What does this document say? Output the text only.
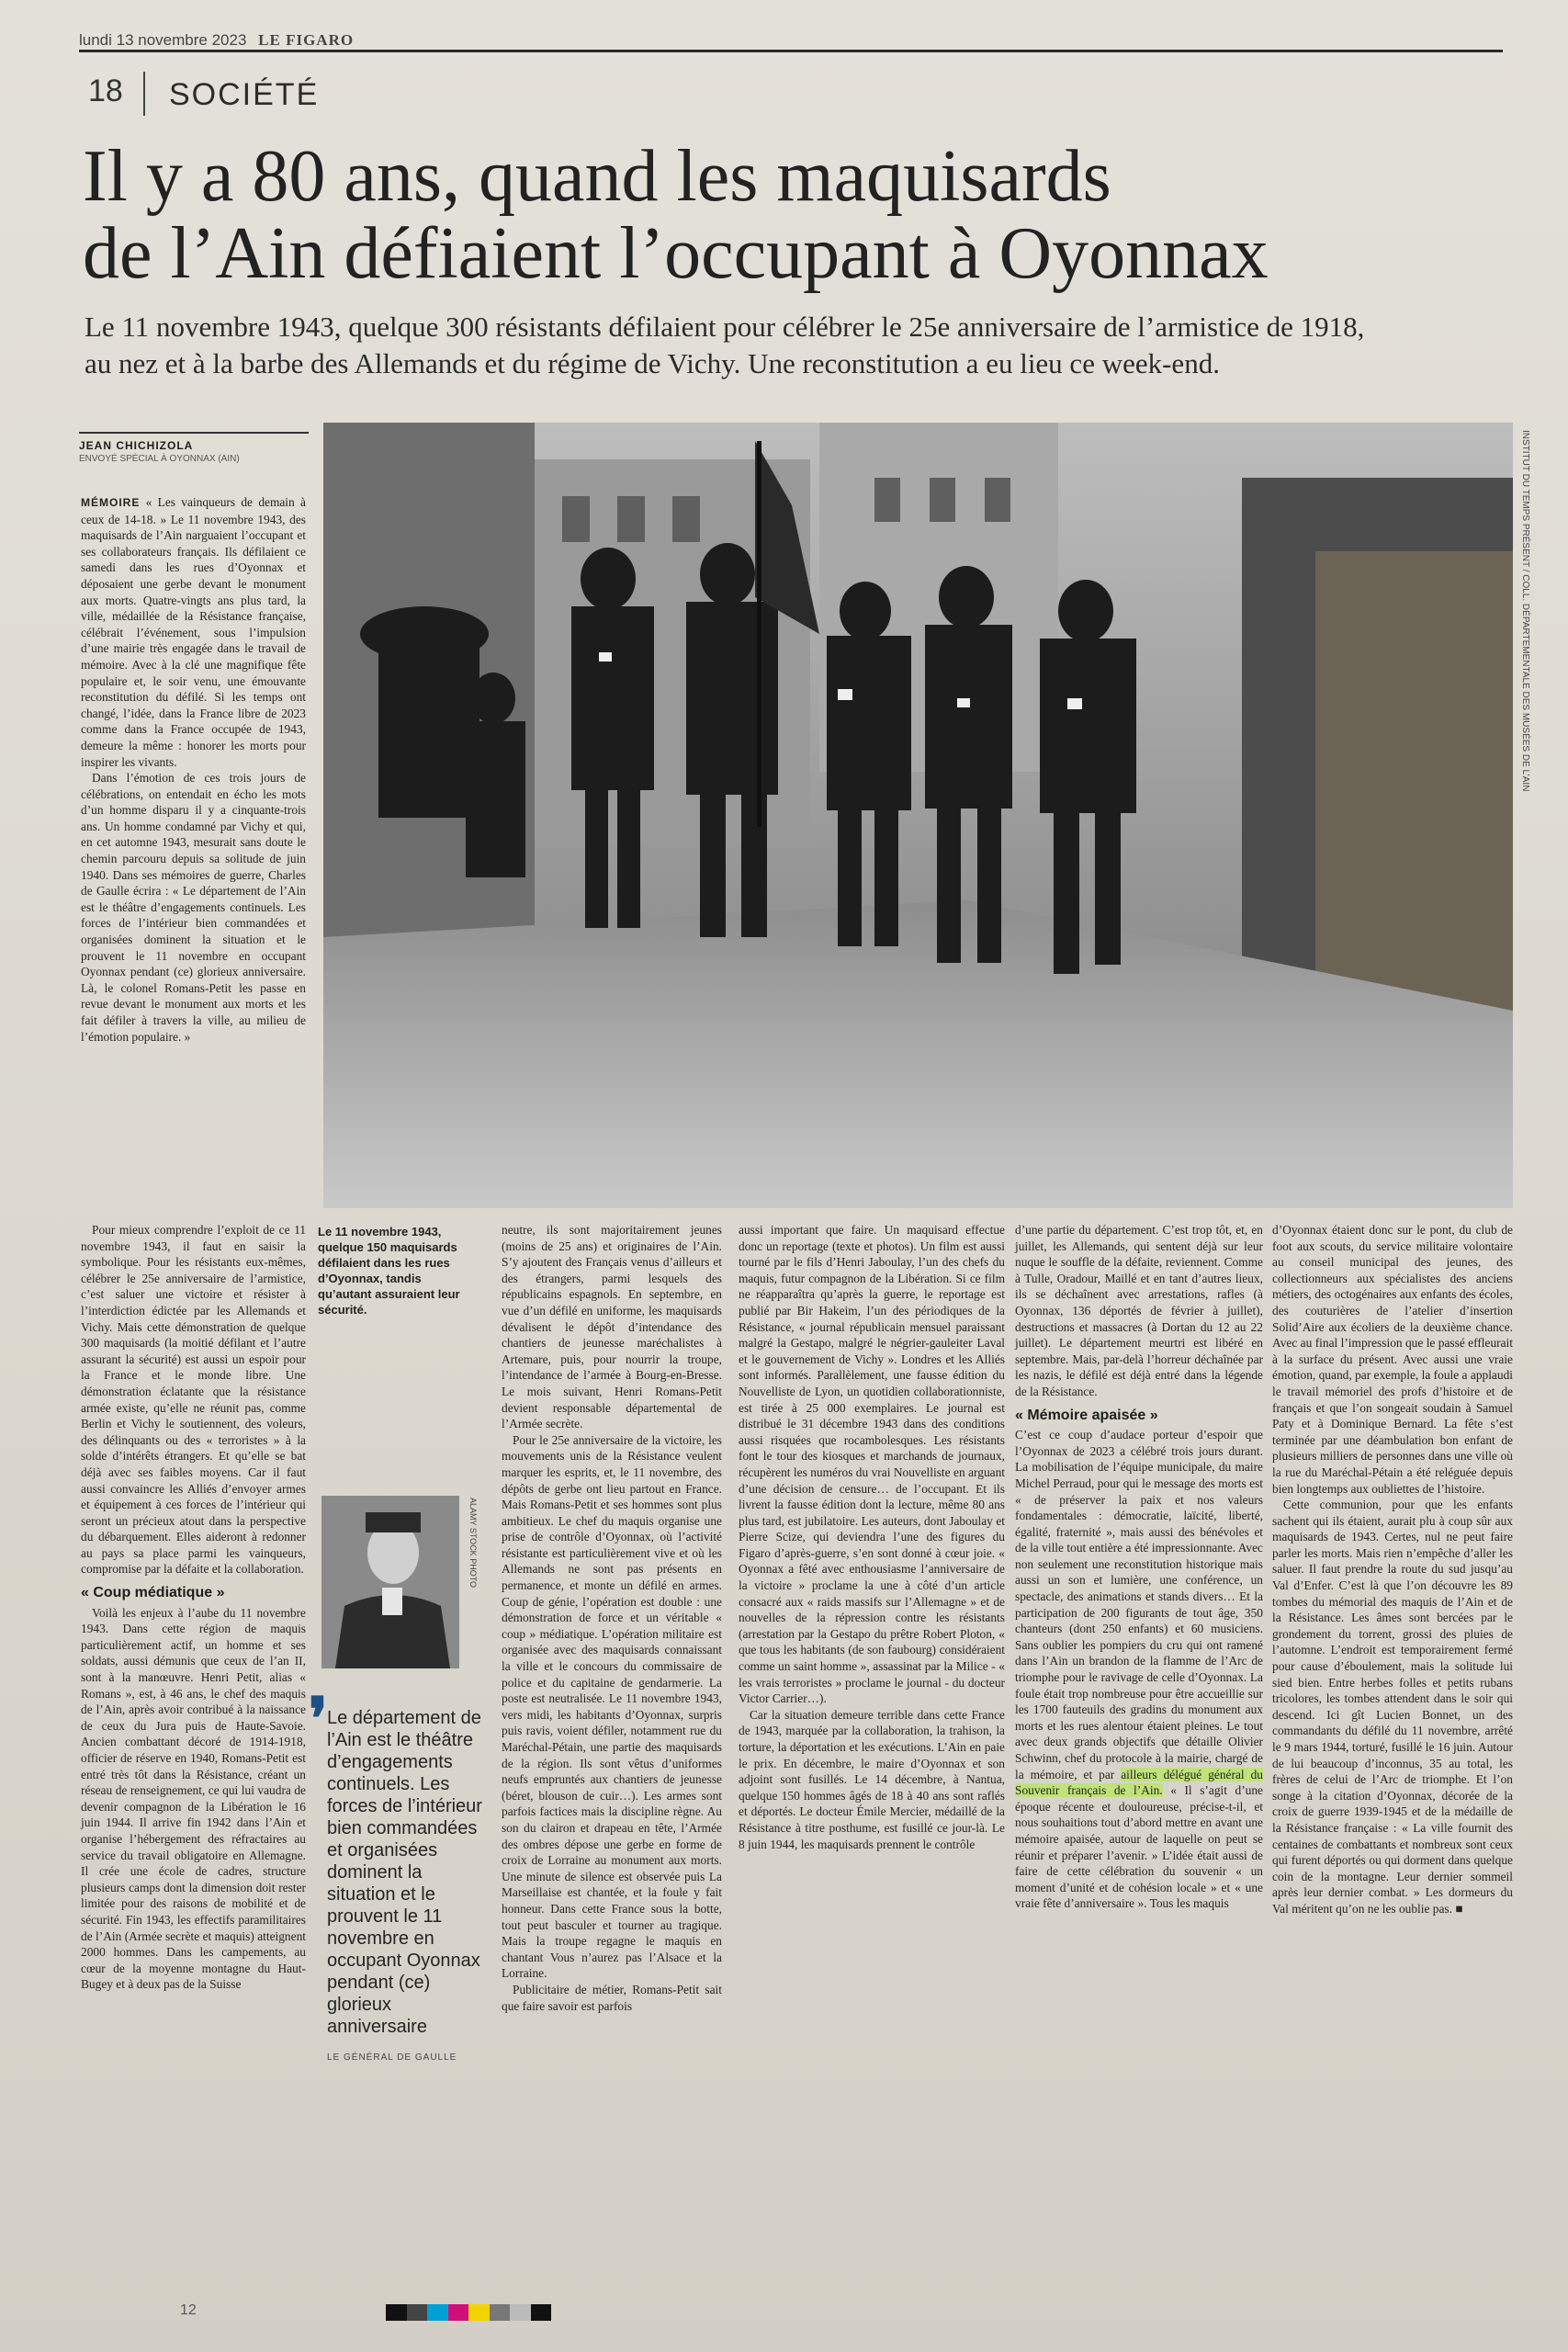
lundi 13 novembre 2023 LE FIGARO
18 SOCIÉTÉ
Il y a 80 ans, quand les maquisards
de l’Ain défiaient l’occupant à Oyonnax

Le 11 novembre 1943, quelque 300 résistants défilaient pour célébrer le 25e anniversaire de l’armistice de 1918,
au nez et à la barbe des Allemands et du régime de Vichy. Une reconstitution a eu lieu ce week-end.

JEAN CHICHIZOLA
ENVOYÉ SPÉCIAL À OYONNAX (AIN)	INSTITUT DU TEMPS PRÉSENT / COLL. DÉPARTEMENTALE DES MUSÉES DE L’AIN
Le 11 novembre 1943, quelque 150 maquisards défilaient dans les rues d’Oyonnax, tandis qu’autant assuraient leur sécurité.
ALAMY STOCK PHOTO
❜ Le département de l’Ain est le théâtre d’engagements continuels. Les forces de l’intérieur bien commandées et organisées dominent la situation et le prouvent le 11 novembre en occupant Oyonnax pendant (ce) glorieux anniversaire
LE GÉNÉRAL DE GAULLE

MÉMOIRE « Les vainqueurs de demain à ceux de 14-18. » Le 11 novembre 1943, des maquisards de l’Ain narguaient l’occupant et ses collaborateurs français. Ils défilaient ce samedi dans les rues d’Oyonnax et déposaient une gerbe devant le monument aux morts. Quatre-vingts ans plus tard, la ville, médaillée de la Résistance française, célébrait l’événement, sous l’impulsion d’une mairie très engagée dans le travail de mémoire. Avec à la clé une magnifique fête populaire et, le soir venu, une émouvante reconstitution du défilé. Si les temps ont changé, l’idée, dans la France libre de 2023 comme dans la France occupée de 1943, demeure la même : honorer les morts pour inspirer les vivants.

Dans l’émotion de ces trois jours de célébrations, on entendait en écho les mots d’un homme disparu il y a cinquante-trois ans. Un homme condamné par Vichy et qui, en cet automne 1943, mesurait sans doute le chemin parcouru depuis sa solitude de juin 1940. Dans ses mémoires de guerre, Charles de Gaulle écrira : « Le département de l’Ain est le théâtre d’engagements continuels. Les forces de l’intérieur bien commandées et organisées dominent la situation et le prouvent le 11 novembre en occupant Oyonnax pendant (ce) glorieux anniversaire. Là, le colonel Romans-Petit les passe en revue devant le monument aux morts et les fait défiler à travers la ville, au milieu de l’émotion populaire. »

Pour mieux comprendre l’exploit de ce 11 novembre 1943, il faut en saisir la symbolique. Pour les résistants eux-mêmes, célébrer le 25e anniversaire de l’armistice, c’est saluer une victoire et résister à l’interdiction édictée par les Allemands et Vichy. Mais cette démonstration de quelque 300 maquisards (la moitié défilant et l’autre assurant la sécurité) est aussi un espoir pour la France et le monde libre. Une démonstration éclatante que la résistance armée existe, qu’elle ne réunit pas, comme Berlin et Vichy le soutiennent, des voleurs, des délinquants ou des « terroristes » à la solde d’intérêts étrangers. Et qu’elle se bat déjà avec ses faibles moyens. Car il faut aussi convaincre les Alliés d’envoyer armes et équipement à ces forces de l’intérieur qui seront un précieux atout dans la perspective du débarquement. Elles aideront à redonner au pays sa place parmi les vainqueurs, compromise par la défaite et la collaboration.

« Coup médiatique »

Voilà les enjeux à l’aube du 11 novembre 1943. Dans cette région de maquis particulièrement actif, un homme et ses soldats, aussi démunis que ceux de l’an II, sont à la manœuvre. Henri Petit, alias « Romans », est, à 46 ans, le chef des maquis de l’Ain, après avoir contribué à la naissance de ceux du Jura puis de Haute-Savoie. Ancien combattant décoré de 1914-1918, officier de réserve en 1940, Romans-Petit est entré très tôt dans la Résistance, créant un réseau de renseignement, ce qui lui vaudra de devenir compagnon de la Libération le 16 juin 1944. Il arrive fin 1942 dans l’Ain et organise l’hébergement des réfractaires au service du travail obligatoire en Allemagne. Il crée une école de cadres, structure plusieurs camps dont la dimension doit rester limitée pour des raisons de mobilité et de sécurité. Fin 1943, les effectifs paramilitaires de l’Ain (Armée secrète et maquis) atteignent 2000 hommes. Dans les campements, au cœur de la moyenne montagne du Haut-Bugey et à deux pas de la Suisse

neutre, ils sont majoritairement jeunes (moins de 25 ans) et originaires de l’Ain. S’y ajoutent des Français venus d’ailleurs et des étrangers, parmi lesquels des républicains espagnols. En septembre, en vue d’un défilé en uniforme, les maquisards dévalisent le dépôt d’intendance des chantiers de jeunesse maréchalistes à Artemare, puis, pour nourrir la troupe, l’intendance de l’armée à Bourg-en-Bresse. Le mois suivant, Henri Romans-Petit devient responsable départemental de l’Armée secrète.

Pour le 25e anniversaire de la victoire, les mouvements unis de la Résistance veulent marquer les esprits, et, le 11 novembre, des dépôts de gerbe ont lieu partout en France. Mais Romans-Petit et ses hommes sont plus ambitieux. Le chef du maquis organise une prise de contrôle d’Oyonnax, où l’activité résistante est particulièrement vive et où les Allemands ne sont pas présents en permanence, et monte un défilé en armes. Coup de génie, l’opération est double : une démonstration de force et un véritable « coup » médiatique. L’opération militaire est organisée avec des maquisards connaissant la ville et le concours du commissaire de police et du capitaine de gendarmerie. La poste est neutralisée. Le 11 novembre 1943, vers midi, les habitants d’Oyonnax, surpris puis ravis, voient défiler, notamment rue du Maréchal-Pétain, une partie des maquisards de la région. Ils sont vêtus d’uniformes neufs empruntés aux chantiers de jeunesse (béret, blouson de cuir…). Les armes sont parfois factices mais la discipline règne. Au son du clairon et drapeau en tête, l’Armée des ombres dépose une gerbe en forme de croix de Lorraine au monument aux morts. Une minute de silence est observée puis La Marseillaise est chantée, et la foule y fait honneur. Dans cette France sous la botte, tout peut basculer et tourner au tragique. Mais la troupe regagne le maquis en chantant Vous n’aurez pas l’Alsace et la Lorraine.

Publicitaire de métier, Romans-Petit sait que faire savoir est parfois

aussi important que faire. Un maquisard effectue donc un reportage (texte et photos). Un film est aussi tourné par le fils d’Henri Jaboulay, l’un des chefs du maquis, futur compagnon de la Libération. Si ce film ne réapparaîtra qu’après la guerre, le reportage est publié par Bir Hakeim, l’un des périodiques de la Résistance, « journal républicain mensuel paraissant malgré la Gestapo, malgré le négrier-gauleiter Laval et le gouvernement de Vichy ». Londres et les Alliés sont informés. Parallèlement, une fausse édition du Nouvelliste de Lyon, un quotidien collaborationniste, est tirée à 25 000 exemplaires. Le journal est distribué le 31 décembre 1943 dans des conditions aussi risquées que rocambolesques. Les résistants font le tour des kiosques et marchands de journaux, récupèrent les numéros du vrai Nouvelliste en arguant d’une décision de censure… de l’occupant. Et ils livrent la fausse édition dont la lecture, même 80 ans plus tard, est jubilatoire. Les auteurs, dont Jaboulay et Pierre Scize, qui deviendra l’une des figures du Figaro d’après-guerre, s’en sont donné à cœur joie. « Oyonnax a fêté avec enthousiasme l’anniversaire de la victoire » proclame la une à côté d’un article consacré aux « raids massifs sur l’Allemagne » et de nouvelles de la répression contre les résistants (arrestation par la Gestapo du prêtre Robert Ploton, « que tous les habitants (de son faubourg) considéraient comme un saint homme », assassinat par la Milice - « les vrais terroristes » proclame le journal - du docteur Victor Carrier…).

Car la situation demeure terrible dans cette France de 1943, marquée par la collaboration, la trahison, la torture, la déportation et les exécutions. L’Ain en paie le prix. En décembre, le maire d’Oyonnax et son adjoint sont fusillés. Le 14 décembre, à Nantua, quelque 150 hommes âgés de 18 à 40 ans sont raflés et déportés. Le docteur Émile Mercier, médaillé de la Résistance à titre posthume, est fusillé ce jour-là. Le 8 juin 1944, les maquisards prennent le contrôle

d’une partie du département. C’est trop tôt, et, en juillet, les Allemands, qui sentent déjà sur leur nuque le souffle de la défaite, reviennent. Comme à Tulle, Oradour, Maillé et en tant d’autres lieux, ils se déchaînent avec arrestations, rafles (à Oyonnax, 136 déportés de février à juillet), destructions et massacres (à Dortan du 12 au 22 juillet). Le département meurtri est libéré en septembre. Mais, par-delà l’horreur déchaînée par les nazis, le défilé est déjà entré dans la légende de la Résistance.

« Mémoire apaisée »

C’est ce coup d’audace porteur d’espoir que l’Oyonnax de 2023 a célébré trois jours durant. La mobilisation de l’équipe municipale, du maire Michel Perraud, pour qui le message des morts est « de préserver la paix et nos valeurs fondamentales : démocratie, laïcité, liberté, égalité, fraternité », mais aussi des bénévoles et de la ville tout entière a été impressionnante. Avec non seulement une reconstitution historique mais aussi un son et lumière, une conférence, un spectacle, des animations et stands divers… Et la participation de 200 figurants de tout âge, 350 chanteurs (dont 250 enfants) et 60 musiciens. Sans oublier les pompiers du cru qui ont ramené dans l’Ain un brandon de la flamme de l’Arc de triomphe pour le ravivage de celle d’Oyonnax. La foule était trop nombreuse pour être accueillie sur les 1700 fauteuils des gradins du monument aux morts et les rues alentour étaient pleines. Le tout avec deux grands objectifs que détaille Olivier Schwinn, chef du protocole à la mairie, chargé de la mémoire, et par ailleurs délégué général du Souvenir français de l’Ain. « Il s’agit d’une époque récente et douloureuse, précise-t-il, et nous souhaitions tout d’abord mettre en avant une mémoire apaisée, autour de laquelle on peut se réunir et préparer l’avenir. » L’idée était aussi de faire de cette célébration du souvenir « un moment d’unité et de cohésion locale » et « une vraie fête d’anniversaire ». Tous les maquis

d’Oyonnax étaient donc sur le pont, du club de foot aux scouts, du service militaire volontaire au conseil municipal des jeunes, des collectionneurs aux spécialistes des anciens métiers, des octogénaires aux enfants des écoles, des couturières de l’atelier d’insertion Solid’Aire aux écoliers de la deuxième chance. Avec au final l’impression que le passé effleurait à la surface du présent. Avec aussi une vraie émotion, quand, par exemple, la foule a applaudi le travail mémoriel des profs d’histoire et de français et que l’on songeait soudain à Samuel Paty et à Dominique Bernard. La fête s’est terminée par une déambulation bon enfant de plusieurs milliers de personnes dans une ville où la rue du Maréchal-Pétain a été reléguée depuis bien longtemps aux oubliettes de l’histoire.

Cette communion, pour que les enfants sachent qui ils étaient, aurait plu à coup sûr aux maquisards de 1943. Certes, nul ne peut faire parler les morts. Mais rien n’empêche d’aller les saluer. Il faut prendre la route du sud jusqu’au Val d’Enfer. C’est là que l’on découvre les 89 tombes du mémorial des maquis de l’Ain et de la Résistance. Les âmes sont bercées par le grondement du torrent, grossi des pluies de l’automne. L’endroit est temporairement fermé pour cause d’éboulement, mais la solitude lui sied bien. Entre herbes folles et petits rubans tricolores, les tombes attendent dans le soir qui descend. Ici gît Lucien Bonnet, un des commandants du défilé du 11 novembre, arrêté le 9 mars 1944, torturé, fusillé le 16 juin. Autour de lui beaucoup d’inconnus, 35 au total, les frères de celui de l’Arc de triomphe. Et l’on songe à la citation d’Oyonnax, décorée de la croix de guerre 1939-1945 et de la médaille de la Résistance française : « La ville fournit des centaines de combattants et nombreux sont ceux qui furent déportés ou qui dorment dans quelque coin de la montagne. Leur dernier sommeil après leur dernier combat. » Les dormeurs du Val méritent qu’on ne les oublie pas. ■

12
